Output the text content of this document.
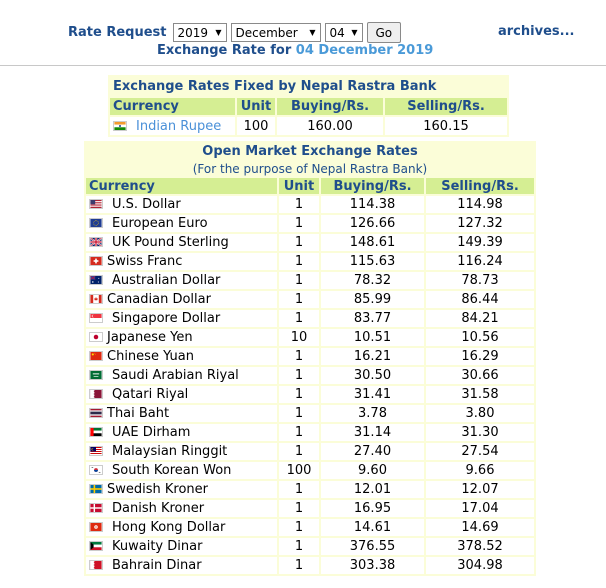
Rate Request 2019 ▼ December	▼ 04 ▼	Go	archives...
Exchange Rate for 04 December 2019
Exchange Rates Fixed by Nepal Rastra Bank			
Currency	Unit	Buying/Rs.	Selling/Rs.
Indian Rupee	100	160.00	160.15
Open Market Exchange Rates			
(For the purpose of Nepal Rastra Bank)			
Currency	Unit	Buying/Rs.	Selling/Rs.
U.S. Dollar	1	114.38	114.98
European Euro	1	126.66	127.32
UK Pound Sterling	1	148.61	149.39
Swiss Franc	1	115.63	116.24
Australian Dollar	1	78.32	78.73
Canadian Dollar	1	85.99	86.44
Singapore Dollar	1	83.77	84.21
Japanese Yen	10	10.51	10.56
Chinese Yuan	1	16.21	16.29
Saudi Arabian Riyal	1	30.50	30.66
Qatari Riyal	1	31.41	31.58
Thai Baht	1	3.78	3.80
UAE Dirham	1	31.14	31.30
Malaysian Ringgit	1	27.40	27.54
South Korean Won	100	9.60	9.66
Swedish Kroner	1	12.01	12.07
Danish Kroner	1	16.95	17.04
Hong Kong Dollar	1	14.61	14.69
Kuwaity Dinar	1	376.55	378.52
Bahrain Dinar	1	303.38	304.98
